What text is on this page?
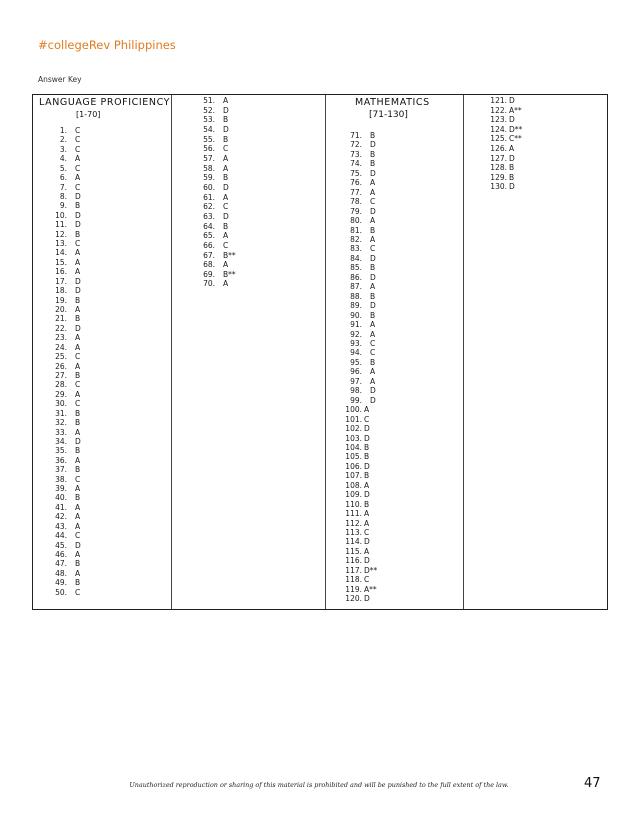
#collegeRev Philippines
Answer Key
LANGUAGE PROFICIENCY
[1-70]
MATHEMATICS
[71-130]
1. C
2. C
3. C
4. A
5. C
6. A
7. C
8. D
9. B
10. D
11. D
12. B
13. C
14. A
15. A
16. A
17. D
18. D
19. B
20. A
21. B
22. D
23. A
24. A
25. C
26. A
27. B
28. C
29. A
30. C
31. B
32. B
33. A
34. D
35. B
36. A
37. B
38. C
39. A
40. B
41. A
42. A
43. A
44. C
45. D
46. A
47. B
48. A
49. B
50. C
51. A
52. D
53. B
54. D
55. B
56. C
57. A
58. A
59. B
60. D
61. A
62. C
63. D
64. B
65. A
66. C
67. B**
68. A
69. B**
70. A
71. B
72. D
73. B
74. B
75. D
76. A
77. A
78. C
79. D
80. A
81. B
82. A
83. C
84. D
85. B
86. D
87. A
88. B
89. D
90. B
91. A
92. A
93. C
94. C
95. B
96. A
97. A
98. D
99. D
100. A
101. C
102. D
103. D
104. B
105. B
106. D
107. B
108. A
109. D
110. B
111. A
112. A
113. C
114. D
115. A
116. D
117. D**
118. C
119. A**
120. D
121. D
122. A**
123. D
124. D**
125. C**
126. A
127. D
128. B
129. B
130. D
Unauthorized reproduction or sharing of this material is prohibited and will be punished to the full extent of the law.	47
